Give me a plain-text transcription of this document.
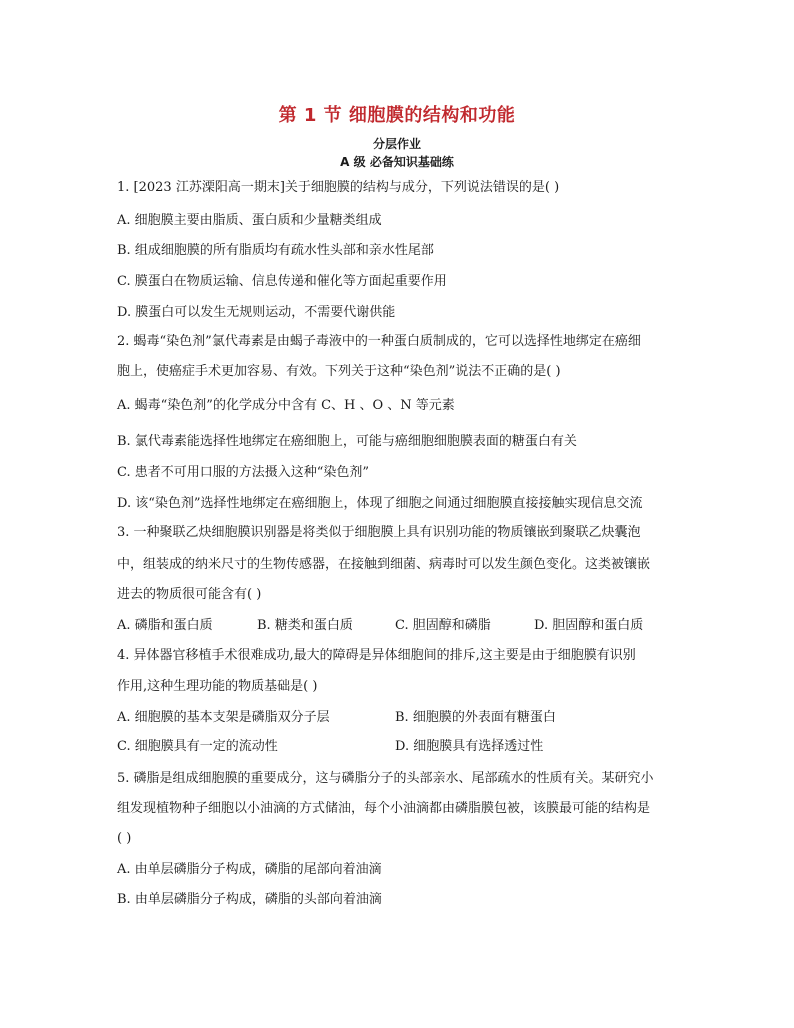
第 1 节 细胞膜的结构和功能
分层作业
A 级 必备知识基础练
1. [2023 江苏溧阳高一期末]关于细胞膜的结构与成分，下列说法错误的是( )
A. 细胞膜主要由脂质、蛋白质和少量糖类组成
B. 组成细胞膜的所有脂质均有疏水性头部和亲水性尾部
C. 膜蛋白在物质运输、信息传递和催化等方面起重要作用
D. 膜蛋白可以发生无规则运动，不需要代谢供能
2. 蝎毒“染色剂”氯代毒素是由蝎子毒液中的一种蛋白质制成的，它可以选择性地绑定在癌细
胞上，使癌症手术更加容易、有效。下列关于这种“染色剂”说法不正确的是( )
A. 蝎毒“染色剂”的化学成分中含有 C、H 、O 、N 等元素
B. 氯代毒素能选择性地绑定在癌细胞上，可能与癌细胞细胞膜表面的糖蛋白有关
C. 患者不可用口服的方法摄入这种“染色剂”
D. 该“染色剂”选择性地绑定在癌细胞上，体现了细胞之间通过细胞膜直接接触实现信息交流
3. 一种聚联乙炔细胞膜识别器是将类似于细胞膜上具有识别功能的物质镶嵌到聚联乙炔囊泡
中，组装成的纳米尺寸的生物传感器，在接触到细菌、病毒时可以发生颜色变化。这类被镶嵌
进去的物质很可能含有( )
A. 磷脂和蛋白质	B. 糖类和蛋白质	C. 胆固醇和磷脂	D. 胆固醇和蛋白质
4. 异体器官移植手术很难成功,最大的障碍是异体细胞间的排斥,这主要是由于细胞膜有识别
作用,这种生理功能的物质基础是( )
A. 细胞膜的基本支架是磷脂双分子层	B. 细胞膜的外表面有糖蛋白
C. 细胞膜具有一定的流动性	D. 细胞膜具有选择透过性
5. 磷脂是组成细胞膜的重要成分，这与磷脂分子的头部亲水、尾部疏水的性质有关。某研究小
组发现植物种子细胞以小油滴的方式储油，每个小油滴都由磷脂膜包被，该膜最可能的结构是
( )
A. 由单层磷脂分子构成，磷脂的尾部向着油滴
B. 由单层磷脂分子构成，磷脂的头部向着油滴
